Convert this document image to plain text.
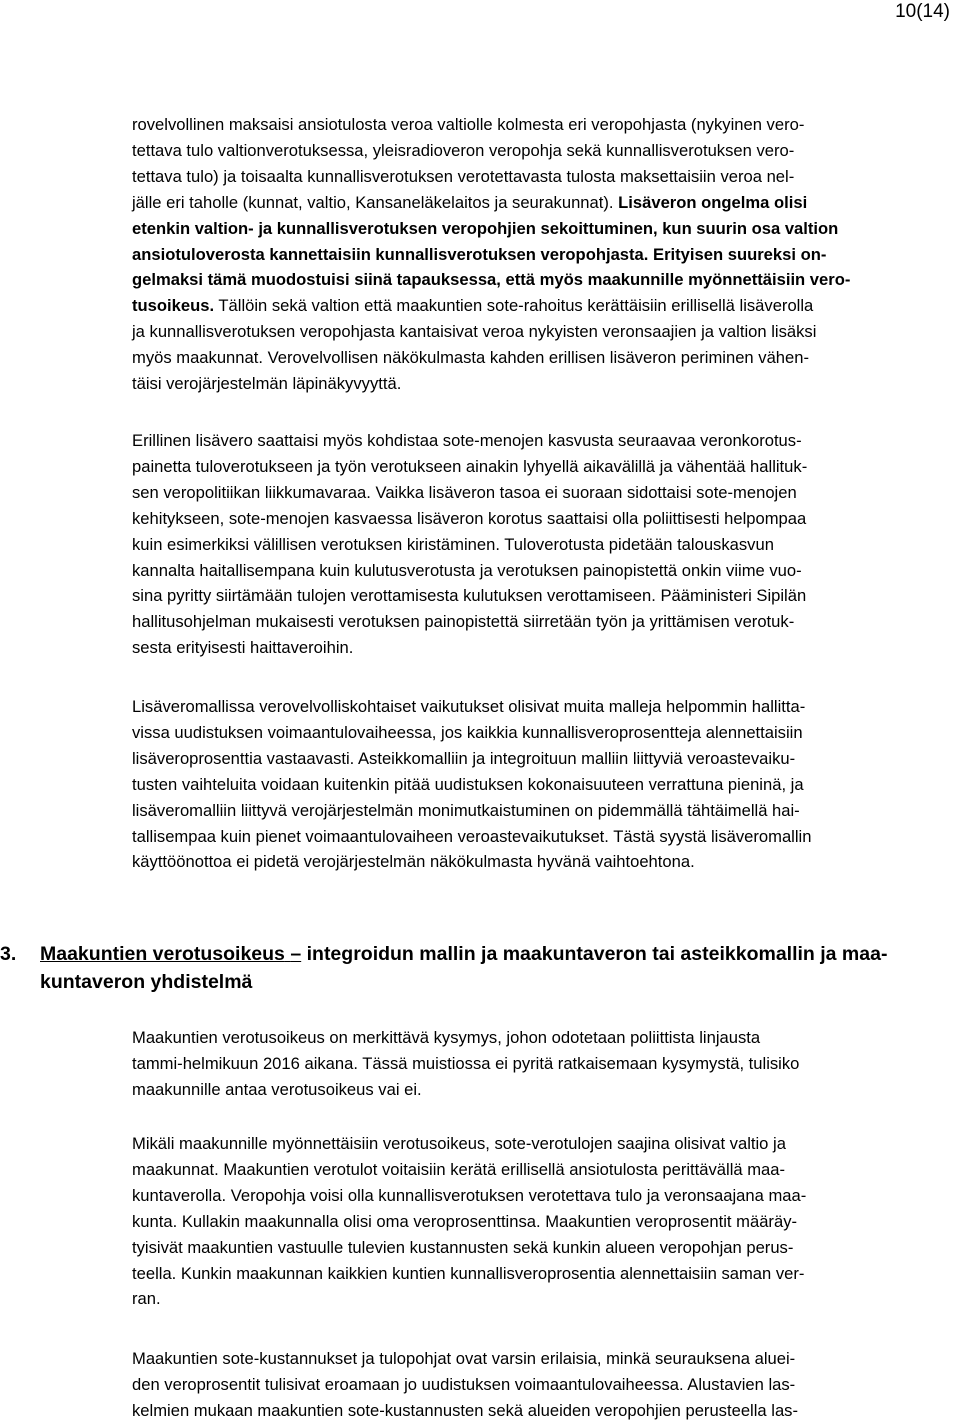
10(14)
rovelvollinen maksaisi ansiotulosta veroa valtiolle kolmesta eri veropohjasta (nykyinen vero-
tettava tulo valtionverotuksessa, yleisradioveron veropohja sekä kunnallisverotuksen vero-
tettava tulo) ja toisaalta kunnallisverotuksen verotettavasta tulosta maksettaisiin veroa nel-
jälle eri taholle (kunnat, valtio, Kansaneläkelaitos ja seurakunnat). Lisäveron ongelma olisi
etenkin valtion- ja kunnallisverotuksen veropohjien sekoittuminen, kun suurin osa valtion
ansiotuloverosta kannettaisiin kunnallisverotuksen veropohjasta. Erityisen suureksi on-
gelmaksi tämä muodostuisi siinä tapauksessa, että myös maakunnille myönnettäisiin vero-
tusoikeus. Tällöin sekä valtion että maakuntien sote-rahoitus kerättäisiin erillisellä lisäverolla
ja kunnallisverotuksen veropohjasta kantaisivat veroa nykyisten veronsaajien ja valtion lisäksi
myös maakunnat. Verovelvollisen näkökulmasta kahden erillisen lisäveron periminen vähen-
täisi verojärjestelmän läpinäkyvyyttä.
Erillinen lisävero saattaisi myös kohdistaa sote-menojen kasvusta seuraavaa veronkorotus-
painetta tuloverotukseen ja työn verotukseen ainakin lyhyellä aikavälillä ja vähentää hallituk-
sen veropolitiikan liikkumavaraa. Vaikka lisäveron tasoa ei suoraan sidottaisi sote-menojen
kehitykseen, sote-menojen kasvaessa lisäveron korotus saattaisi olla poliittisesti helpompaa
kuin esimerkiksi välillisen verotuksen kiristäminen. Tuloverotusta pidetään talouskasvun
kannalta haitallisempana kuin kulutusverotusta ja verotuksen painopistettä onkin viime vuo-
sina pyritty siirtämään tulojen verottamisesta kulutuksen verottamiseen. Pääministeri Sipilän
hallitusohjelman mukaisesti verotuksen painopistettä siirretään työn ja yrittämisen verotuk-
sesta erityisesti haittaveroihin.
Lisäveromallissa verovelvolliskohtaiset vaikutukset olisivat muita malleja helpommin hallitta-
vissa uudistuksen voimaantulovaiheessa, jos kaikkia kunnallisveroprosentteja alennettaisiin
lisäveroprosenttia vastaavasti. Asteikkomalliin ja integroituun malliin liittyviä veroastevaiku-
tusten vaihteluita voidaan kuitenkin pitää uudistuksen kokonaisuuteen verrattuna pieninä, ja
lisäveromalliin liittyvä verojärjestelmän monimutkaistuminen on pidemmällä tähtäimellä hai-
tallisempaa kuin pienet voimaantulovaiheen veroastevaikutukset. Tästä syystä lisäveromallin
käyttöönottoa ei pidetä verojärjestelmän näkökulmasta hyvänä vaihtoehtona.
3. Maakuntien verotusoikeus – integroidun mallin ja maakuntaveron tai asteikkomallin ja maa-
kuntaveron yhdistelmä
Maakuntien verotusoikeus on merkittävä kysymys, johon odotetaan poliittista linjausta
tammi-helmikuun 2016 aikana. Tässä muistiossa ei pyritä ratkaisemaan kysymystä, tulisiko
maakunnille antaa verotusoikeus vai ei.
Mikäli maakunnille myönnettäisiin verotusoikeus, sote-verotulojen saajina olisivat valtio ja
maakunnat. Maakuntien verotulot voitaisiin kerätä erillisellä ansiotulosta perittävällä maa-
kuntaverolla. Veropohja voisi olla kunnallisverotuksen verotettava tulo ja veronsaajana maa-
kunta. Kullakin maakunnalla olisi oma veroprosenttinsa. Maakuntien veroprosentit määräy-
tyisivät maakuntien vastuulle tulevien kustannusten sekä kunkin alueen veropohjan perus-
teella. Kunkin maakunnan kaikkien kuntien kunnallisveroprosentia alennettaisiin saman ver-
ran.
Maakuntien sote-kustannukset ja tulopohjat ovat varsin erilaisia, minkä seurauksena aluei-
den veroprosentit tulisivat eroamaan jo uudistuksen voimaantulovaiheessa. Alustavien las-
kelmien mukaan maakuntien sote-kustannusten sekä alueiden veropohjien perusteella las-
